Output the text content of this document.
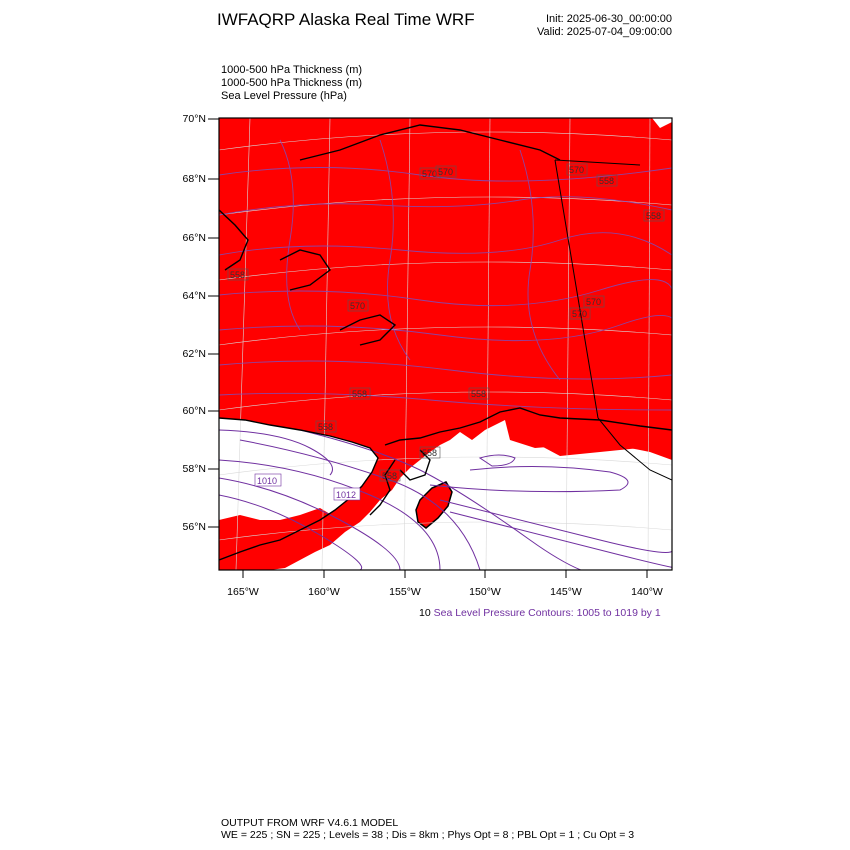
IWFAQRP Alaska Real Time WRF	Init: 2025-06-30_00:00:00
Valid: 2025-07-04_09:00:00
1000-500 hPa Thickness (m)
1000-500 hPa Thickness (m)
Sea Level Pressure (hPa)
70°N
68°N
66°N
64°N
62°N
60°N
58°N
56°N
165°W	160°W	155°W	150°W	145°W	140°W
570 570	570
558
558
570	570
570
558
558
558
558
558
558
1010
1012
10 Sea Level Pressure Contours: 1005 to 1019 by 1
OUTPUT FROM WRF V4.6.1 MODEL
WE = 225 ; SN = 225 ; Levels = 38 ; Dis = 8km ; Phys Opt = 8 ; PBL Opt = 1 ; Cu Opt = 3
